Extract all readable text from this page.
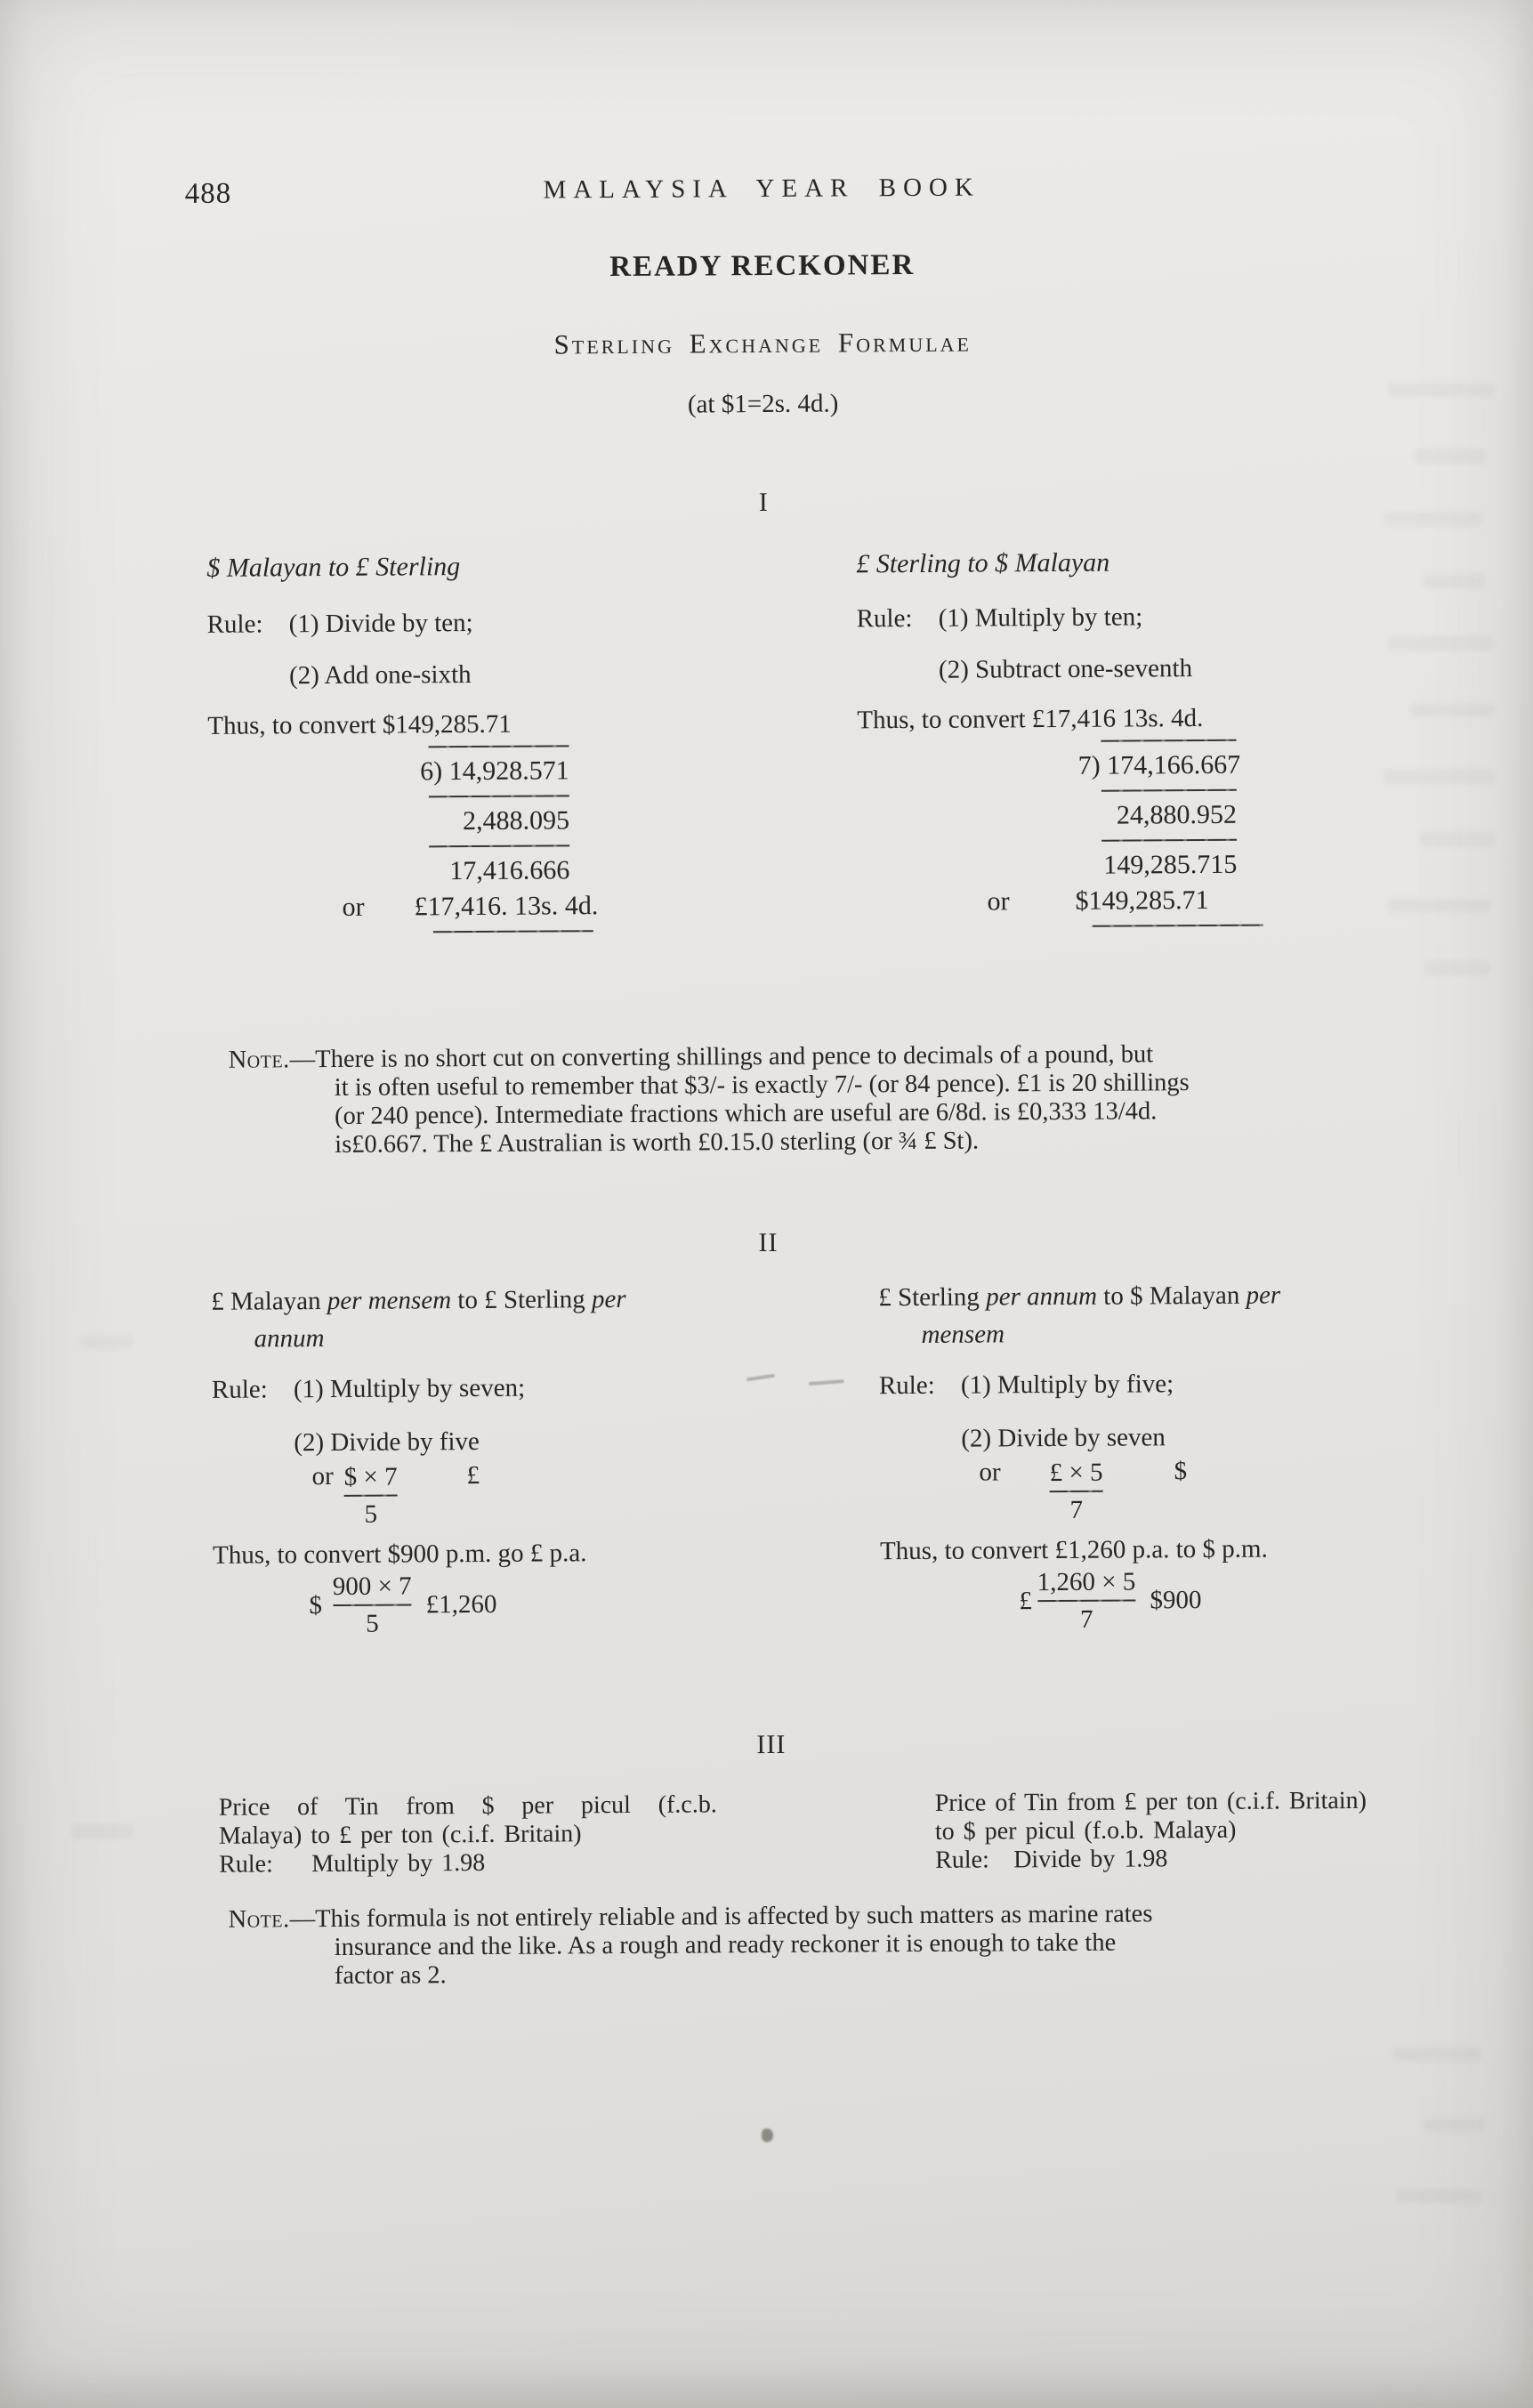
488	MALAYSIA YEAR BOOK
READY RECKONER
Sterling Exchange Formulae
(at $1=2s. 4d.)
I
$ Malayan to £ Sterling
Rule: (1) Divide by ten;
(2) Add one-sixth
Thus, to convert $149,285.71
6) 14,928.571
2,488.095
17,416.666
or £17,416. 13s. 4d.
£ Sterling to $ Malayan
Rule: (1) Multiply by ten;
(2) Subtract one-seventh
Thus, to convert £17,416 13s. 4d.
7) 174,166.667
24,880.952
149,285.715
or $149,285.71
Note.—There is no short cut on converting shillings and pence to decimals of a pound, but
it is often useful to remember that $3/- is exactly 7/- (or 84 pence). £1 is 20 shillings
(or 240 pence). Intermediate fractions which are useful are 6/8d. is £0,333 13/4d.
is£0.667. The £ Australian is worth £0.15.0 sterling (or ¾ £ St).
II
£ Malayan per mensem to £ Sterling per
annum
Rule: (1) Multiply by seven;
(2) Divide by five
or $\frac{\$ \times 7}{5}$	£
Thus, to convert $900 p.m. go £ p.a.
$ $\frac{900 \times 7}{5}$ £1,260
£ Sterling per annum to $ Malayan per
mensem
Rule: (1) Multiply by five;
(2) Divide by seven
or $\frac{£ \times 5}{7}$	$
Thus, to convert £1,260 p.a. to $ p.m.
£ $\frac{1,260 \times 5}{7}$ $900
III
Price of Tin from $ per picul (f.c.b.
Malaya) to £ per ton (c.i.f. Britain)
Rule:	Multiply by 1.98
Price of Tin from £ per ton (c.i.f. Britain)
to $ per picul (f.o.b. Malaya)
Rule: Divide by 1.98
Note.—This formula is not entirely reliable and is affected by such matters as marine rates
insurance and the like. As a rough and ready reckoner it is enough to take the
factor as 2.
